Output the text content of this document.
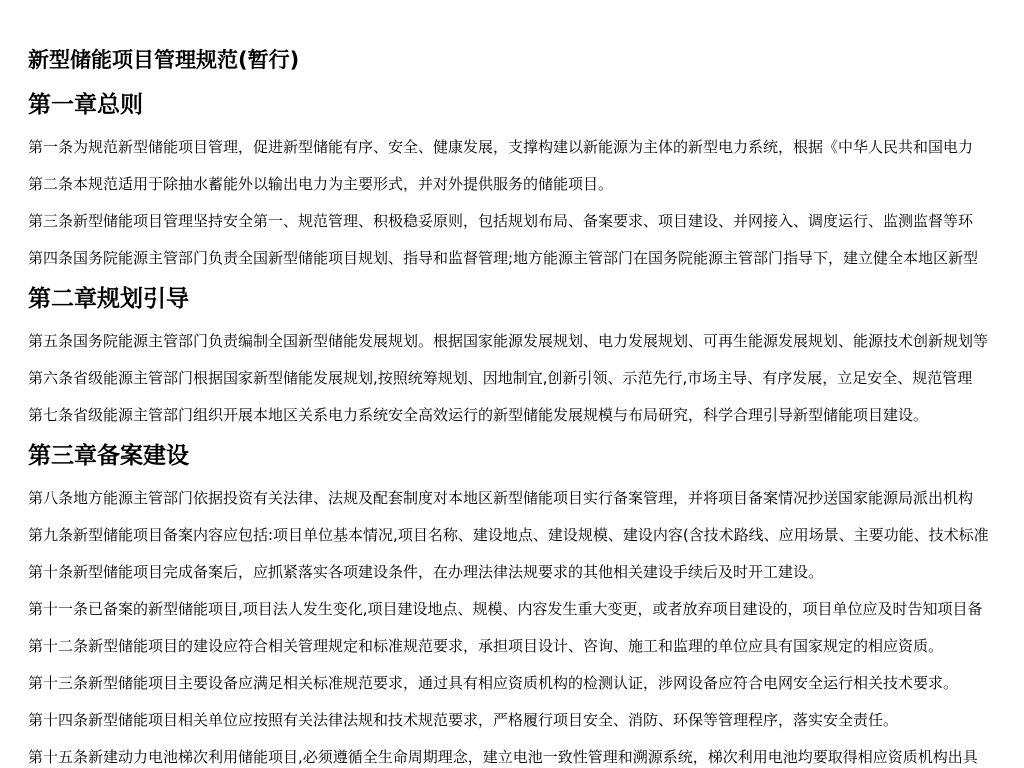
新型储能项目管理规范(暂行)
第一章总则

第一条为规范新型储能项目管理，促进新型储能有序、安全、健康发展，支撑构建以新能源为主体的新型电力系统，根据《中华人民共和国电力

第二条本规范适用于除抽水蓄能外以输出电力为主要形式，并对外提供服务的储能项目。

第三条新型储能项目管理坚持安全第一、规范管理、积极稳妥原则，包括规划布局、备案要求、项目建设、并网接入、调度运行、监测监督等环

第四条国务院能源主管部门负责全国新型储能项目规划、指导和监督管理;地方能源主管部门在国务院能源主管部门指导下，建立健全本地区新型

第二章规划引导

第五条国务院能源主管部门负责编制全国新型储能发展规划。根据国家能源发展规划、电力发展规划、可再生能源发展规划、能源技术创新规划等

第六条省级能源主管部门根据国家新型储能发展规划,按照统筹规划、因地制宜,创新引领、示范先行,市场主导、有序发展，立足安全、规范管理

第七条省级能源主管部门组织开展本地区关系电力系统安全高效运行的新型储能发展规模与布局研究，科学合理引导新型储能项目建设。

第三章备案建设

第八条地方能源主管部门依据投资有关法律、法规及配套制度对本地区新型储能项目实行备案管理，并将项目备案情况抄送国家能源局派出机构

第九条新型储能项目备案内容应包括:项目单位基本情况,项目名称、建设地点、建设规模、建设内容(含技术路线、应用场景、主要功能、技术标准

第十条新型储能项目完成备案后，应抓紧落实各项建设条件，在办理法律法规要求的其他相关建设手续后及时开工建设。

第十一条已备案的新型储能项目,项目法人发生变化,项目建设地点、规模、内容发生重大变更，或者放弃项目建设的，项目单位应及时告知项目备

第十二条新型储能项目的建设应符合相关管理规定和标准规范要求，承担项目设计、咨询、施工和监理的单位应具有国家规定的相应资质。

第十三条新型储能项目主要设备应满足相关标准规范要求，通过具有相应资质机构的检测认证，涉网设备应符合电网安全运行相关技术要求。

第十四条新型储能项目相关单位应按照有关法律法规和技术规范要求，严格履行项目安全、消防、环保等管理程序，落实安全责任。

第十五条新建动力电池梯次利用储能项目,必须遵循全生命周期理念，建立电池一致性管理和溯源系统，梯次利用电池均要取得相应资质机构出具
